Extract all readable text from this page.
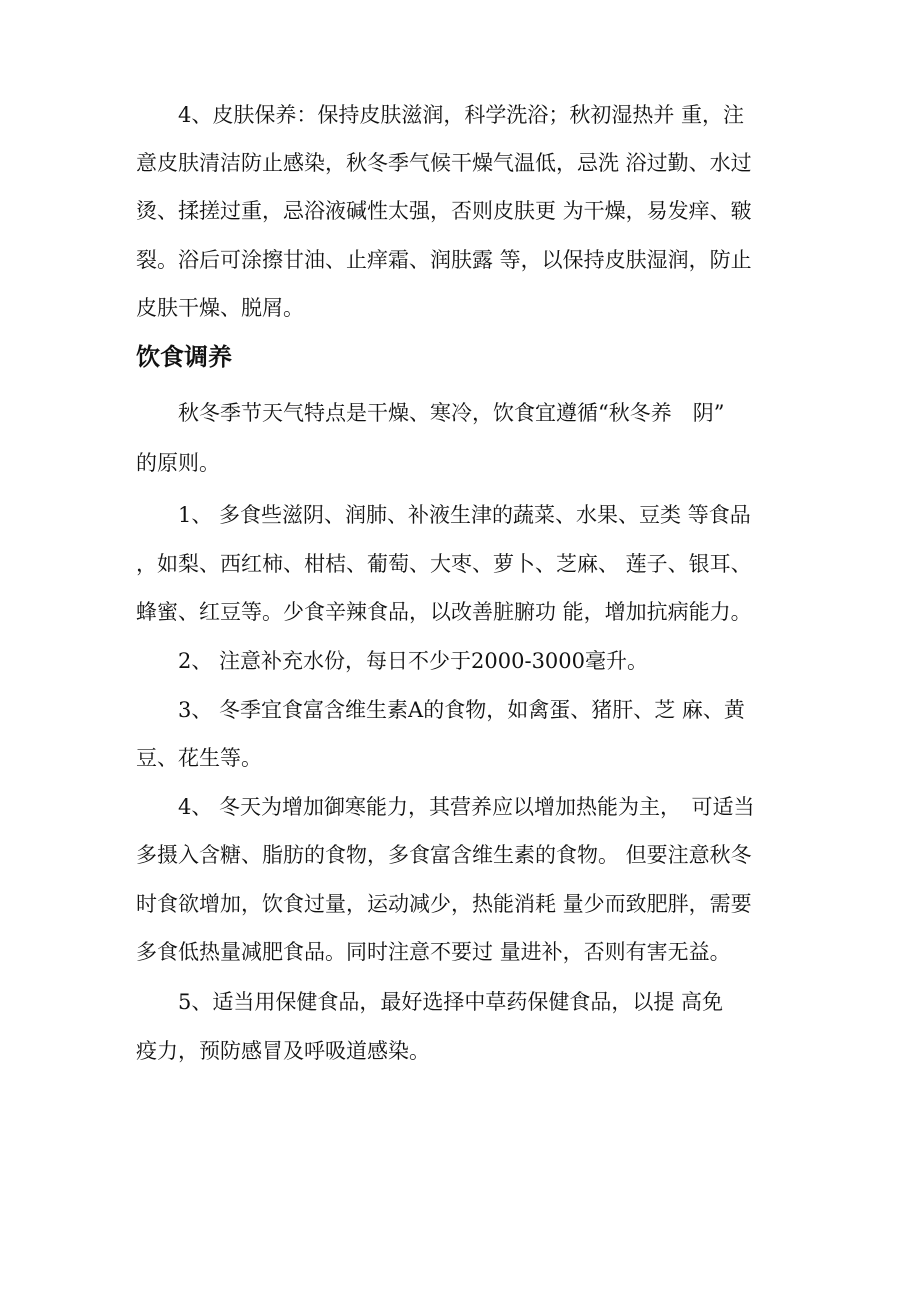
　　4、皮肤保养：保持皮肤滋润，科学洗浴；秋初湿热并 重，注
意皮肤清洁防止感染，秋冬季气候干燥气温低，忌洗 浴过勤、水过
烫、揉搓过重，忌浴液碱性太强，否则皮肤更 为干燥，易发痒、皲
裂。浴后可涂擦甘油、止痒霜、润肤露 等，以保持皮肤湿润，防止
皮肤干燥、脱屑。
饮食调养
　　秋冬季节天气特点是干燥、寒冷，饮食宜遵循“秋冬养　阴”
的原则。
　　1、 多食些滋阴、润肺、补液生津的蔬菜、水果、豆类 等食品
，如梨、西红柿、柑桔、葡萄、大枣、萝卜、芝麻、 莲子、银耳、
蜂蜜、红豆等。少食辛辣食品，以改善脏腑功 能，增加抗病能力。
　　2、 注意补充水份，每日不少于2000-3000毫升。
　　3、 冬季宜食富含维生素A的食物，如禽蛋、猪肝、芝 麻、黄
豆、花生等。
　　4、 冬天为增加御寒能力，其营养应以增加热能为主，　可适当
多摄入含糖、脂肪的食物，多食富含维生素的食物。 但要注意秋冬
时食欲增加，饮食过量，运动减少，热能消耗 量少而致肥胖，需要
多食低热量减肥食品。同时注意不要过 量进补，否则有害无益。
　　5、适当用保健食品，最好选择中草药保健食品，以提 高免
疫力，预防感冒及呼吸道感染。
